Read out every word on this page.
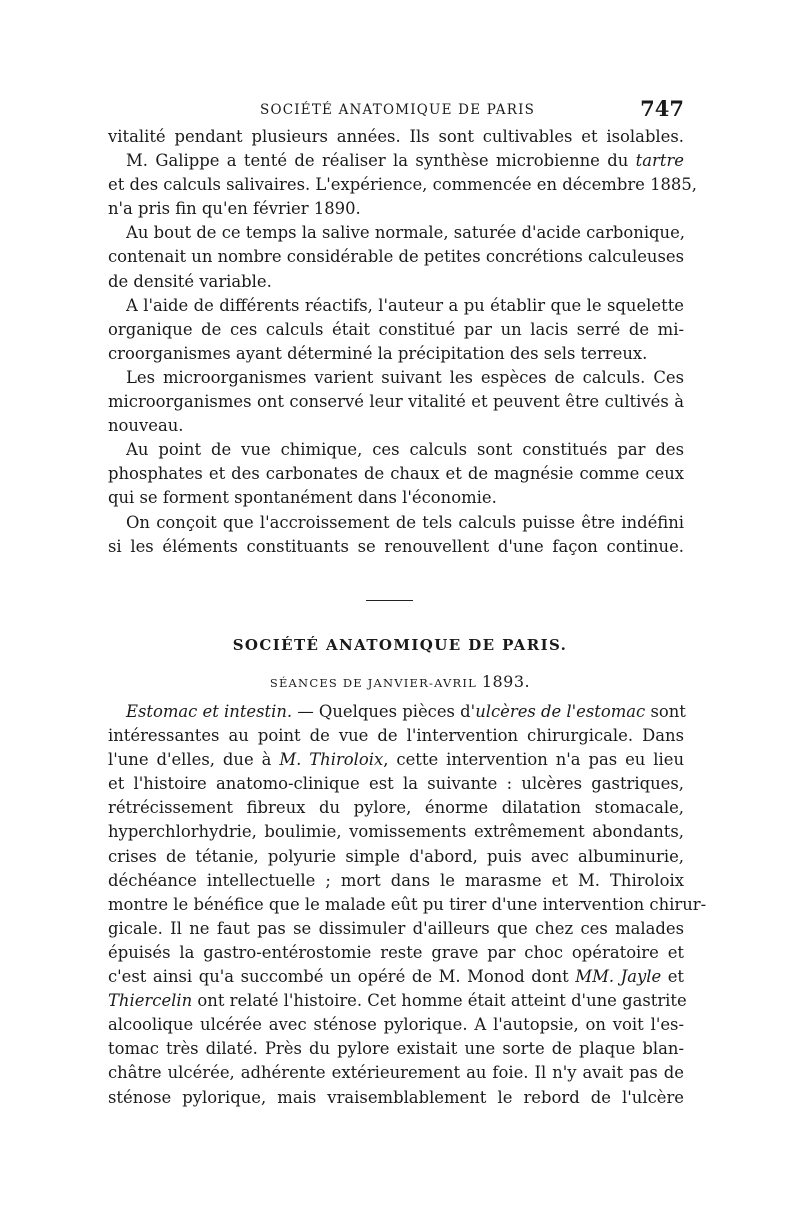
SOCIÉTÉ ANATOMIQUE DE PARIS	747
vitalité pendant plusieurs années. Ils sont cultivables et isolables.
M. Galippe a tenté de réaliser la synthèse microbienne du tartre
et des calculs salivaires. L'expérience, commencée en décembre 1885,
n'a pris fin qu'en février 1890.
Au bout de ce temps la salive normale, saturée d'acide carbonique,
contenait un nombre considérable de petites concrétions calculeuses
de densité variable.
A l'aide de différents réactifs, l'auteur a pu établir que le squelette
organique de ces calculs était constitué par un lacis serré de mi-
croorganismes ayant déterminé la précipitation des sels terreux.
Les microorganismes varient suivant les espèces de calculs. Ces
microorganismes ont conservé leur vitalité et peuvent être cultivés à
nouveau.
Au point de vue chimique, ces calculs sont constitués par des
phosphates et des carbonates de chaux et de magnésie comme ceux
qui se forment spontanément dans l'économie.
On conçoit que l'accroissement de tels calculs puisse être indéfini
si les éléments constituants se renouvellent d'une façon continue.
SOCIÉTÉ ANATOMIQUE DE PARIS.
SÉANCES DE JANVIER-AVRIL 1893.
Estomac et intestin. — Quelques pièces d'ulcères de l'estomac sont
intéressantes au point de vue de l'intervention chirurgicale. Dans
l'une d'elles, due à M. Thiroloix, cette intervention n'a pas eu lieu
et l'histoire anatomo-clinique est la suivante : ulcères gastriques,
rétrécissement fibreux du pylore, énorme dilatation stomacale,
hyperchlorhydrie, boulimie, vomissements extrêmement abondants,
crises de tétanie, polyurie simple d'abord, puis avec albuminurie,
déchéance intellectuelle ; mort dans le marasme et M. Thiroloix
montre le bénéfice que le malade eût pu tirer d'une intervention chirur-
gicale. Il ne faut pas se dissimuler d'ailleurs que chez ces malades
épuisés la gastro-entérostomie reste grave par choc opératoire et
c'est ainsi qu'a succombé un opéré de M. Monod dont MM. Jayle et
Thiercelin ont relaté l'histoire. Cet homme était atteint d'une gastrite
alcoolique ulcérée avec sténose pylorique. A l'autopsie, on voit l'es-
tomac très dilaté. Près du pylore existait une sorte de plaque blan-
châtre ulcérée, adhérente extérieurement au foie. Il n'y avait pas de
sténose pylorique, mais vraisemblablement le rebord de l'ulcère
